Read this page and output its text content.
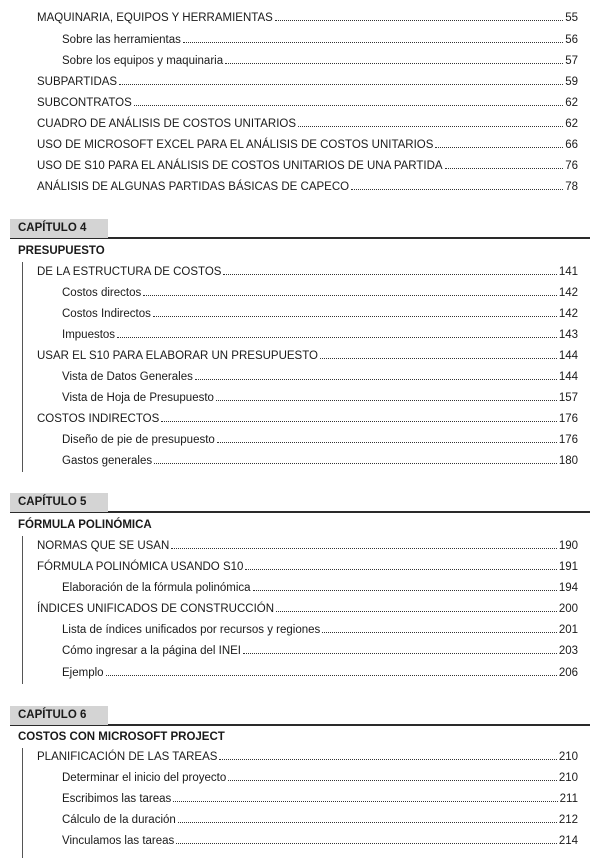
MAQUINARIA, EQUIPOS Y HERRAMIENTAS	55
Sobre las herramientas	56
Sobre los equipos y maquinaria	57
SUBPARTIDAS	59
SUBCONTRATOS	62
CUADRO DE ANÁLISIS DE COSTOS UNITARIOS	62
USO DE MICROSOFT EXCEL PARA EL ANÁLISIS DE COSTOS UNITARIOS	66
USO DE S10 PARA EL ANÁLISIS DE COSTOS UNITARIOS DE UNA PARTIDA	76
ANÁLISIS DE ALGUNAS PARTIDAS BÁSICAS DE CAPECO	78
CAPÍTULO 4
PRESUPUESTO
DE LA ESTRUCTURA DE COSTOS	141
Costos directos	142
Costos Indirectos	142
Impuestos	143
USAR EL S10 PARA ELABORAR UN PRESUPUESTO	144
Vista de Datos Generales	144
Vista de Hoja de Presupuesto	157
COSTOS INDIRECTOS	176
Diseño de pie de presupuesto	176
Gastos generales	180
CAPÍTULO 5
FÓRMULA POLINÓMICA
NORMAS QUE SE USAN	190
FÓRMULA POLINÓMICA USANDO S10	191
Elaboración de la fórmula polinómica	194
ÍNDICES UNIFICADOS DE CONSTRUCCIÓN	200
Lista de índices unificados por recursos y regiones	201
Cómo ingresar a la página del INEI	203
Ejemplo	206
CAPÍTULO 6
COSTOS CON MICROSOFT PROJECT
PLANIFICACIÓN DE LAS TAREAS	210
Determinar el inicio del proyecto	210
Escribimos las tareas	211
Cálculo de la duración	212
Vinculamos las tareas	214
